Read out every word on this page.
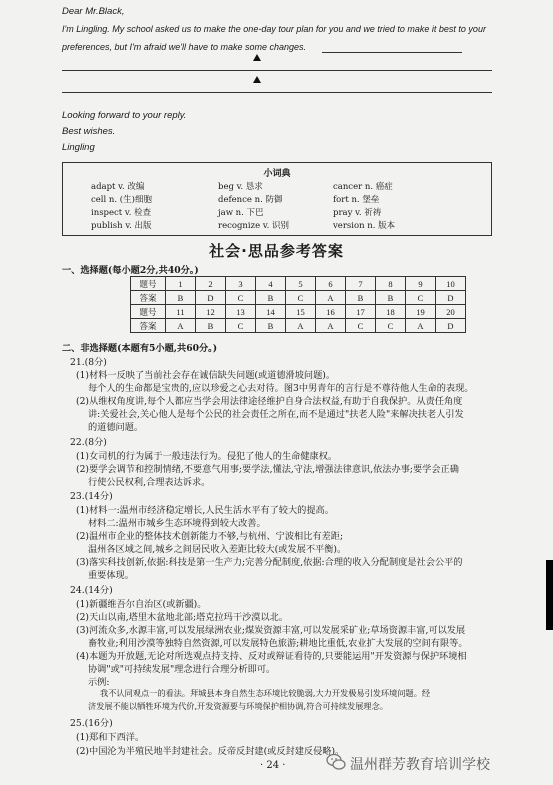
Dear Mr.Black,
I'm Lingling. My school asked us to make the one-day tour plan for you and we tried to make it best to your
preferences, but I'm afraid we'll have to make some changes.
Looking forward to your reply.
Best wishes.
Lingling
小词典
adapt v. 改编	beg v. 恳求	cancer n. 癌症
cell n. (生)细胞	defence n. 防御	fort n. 堡垒
inspect v. 检查	jaw n. 下巴	pray v. 祈祷
publish v. 出版	recognize v. 识别	version n. 版本
社会·思品参考答案
一、选择题(每小题2分,共40分。)
题号	1	2	3	4	5	6	7	8	9	10
答案	B	D	C	B	C	A	B	B	C	D
题号	11	12	13	14	15	16	17	18	19	20
答案	A	B	C	B	A	A	C	C	A	D
二、非选择题(本题有5小题,共60分。)
21.(8分)
(1)材料一反映了当前社会存在诚信缺失问题(或道德滑坡问题)。
每个人的生命都是宝贵的,应以珍爱之心去对待。图3中男青年的言行是不尊待他人生命的表现。
(2)从维权角度讲,每个人都应当学会用法律途径维护自身合法权益,有助于自我保护。从责任角度
讲:关爱社会,关心他人是每个公民的社会责任之所在,而不是通过"扶老人险"来解决扶老人引发
的道德问题。
22.(8分)
(1)女司机的行为属于一般违法行为。侵犯了他人的生命健康权。
(2)要学会调节和控制情绪,不要意气用事;要学法,懂法,守法,增强法律意识,依法办事;要学会正确
行使公民权利,合理表达诉求。
23.(14分)
(1)材料一:温州市经济稳定增长,人民生活水平有了较大的提高。
材料二:温州市城乡生态环境得到较大改善。
(2)温州市企业的整体技术创新能力不够,与杭州、宁波相比有差距;
温州各区域之间,城乡之间居民收入差距比较大(或发展不平衡)。
(3)落实科技创新,依据:科技是第一生产力;完善分配制度,依据:合理的收入分配制度是社会公平的
重要体现。
24.(14分)
(1)新疆维吾尔自治区(或新疆)。
(2)天山以南,塔里木盆地北部;塔克拉玛干沙漠以北。
(3)河流众多,水源丰富,可以发展绿洲农业;煤炭资源丰富,可以发展采矿业;草场资源丰富,可以发展
畜牧业;利用沙漠等独特自然资源,可以发展特色旅游;耕地比重低,农业扩大发展的空间有限等。
(4)本题为开放题,无论对所选观点持支持、反对或辩证看待的,只要能运用"开发资源与保护环境相
协调"或"可持续发展"理念进行合理分析即可。
示例:
我不认同观点一的看法。拜城县本身自然生态环境比较脆弱,大力开发极易引发环境问题。经
济发展不能以牺牲环境为代价,开发资源要与环境保护相协调,符合可持续发展理念。
25.(16分)
(1)郑和下西洋。
(2)中国沦为半殖民地半封建社会。反帝反封建(或反封建反侵略)。
· 24 ·	温州群芳教育培训学校
